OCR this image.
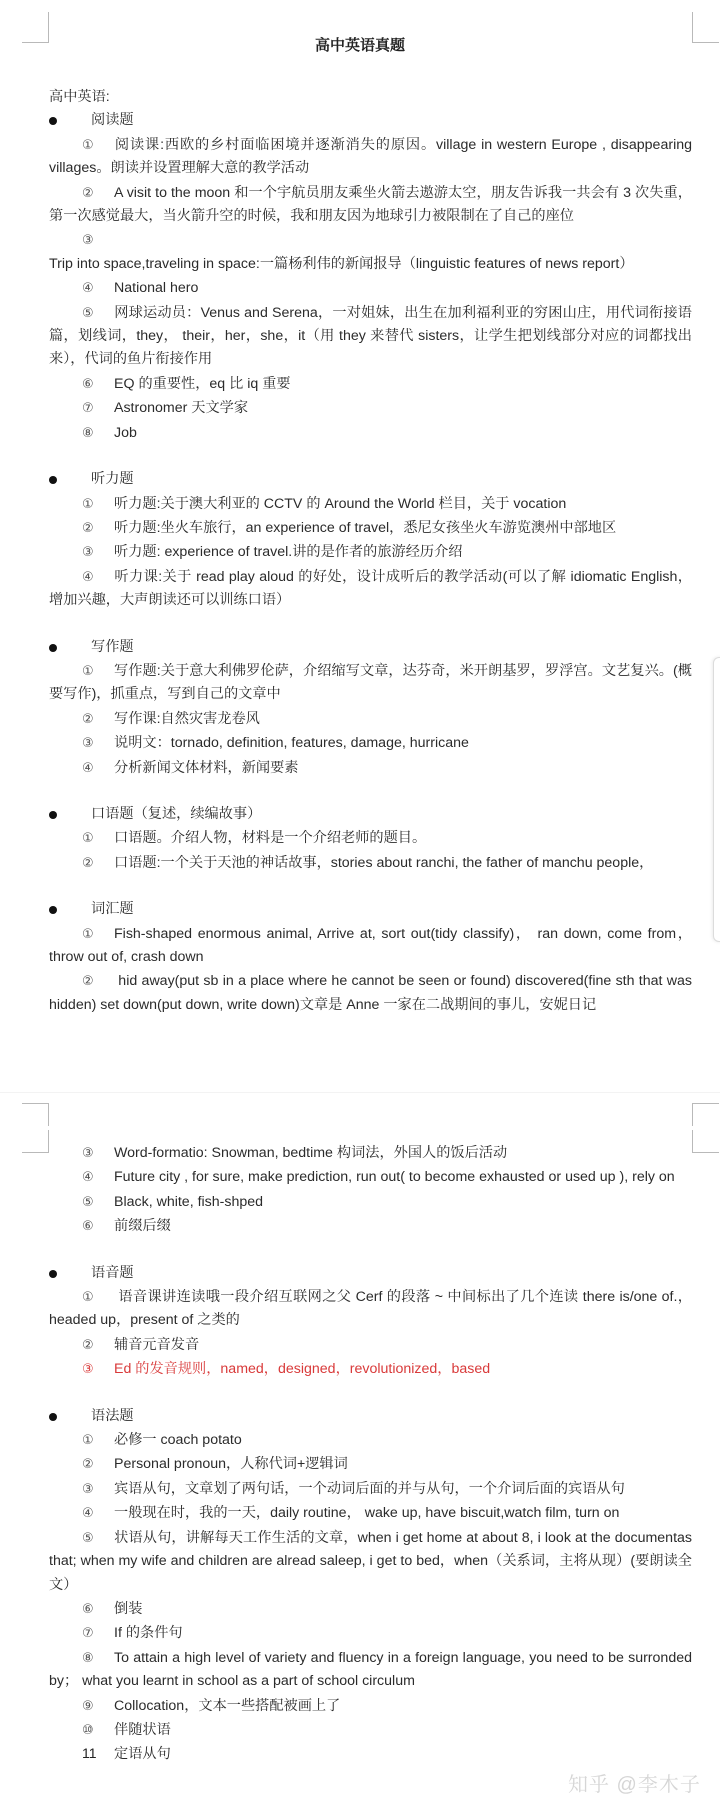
高中英语真题

高中英语:

阅读题

① 阅读课:西欧的乡村面临困境并逐渐消失的原因。village in western Europe , disappearing villages。朗读并设置理解大意的教学活动

② A visit to the moon 和一个宇航员朋友乘坐火箭去遨游太空，朋友告诉我一共会有 3 次失重，第一次感觉最大，当火箭升空的时候，我和朋友因为地球引力被限制在了自己的座位

③Trip into space,traveling in space:一篇杨利伟的新闻报导（linguistic features of news report）

④ National hero

⑤ 网球运动员：Venus and Serena，一对姐妹，出生在加利福利亚的穷困山庄，用代词衔接语篇，划线词，they， their，her，she，it（用 they 来替代 sisters，让学生把划线部分对应的词都找出来），代词的鱼片衔接作用

⑥ EQ 的重要性，eq 比 iq 重要

⑦ Astronomer 天文学家

⑧ Job

听力题

① 听力题:关于澳大利亚的 CCTV 的 Around the World 栏目，关于 vocation

② 听力题:坐火车旅行，an experience of travel，悉尼女孩坐火车游览澳州中部地区

③ 听力题: experience of travel.讲的是作者的旅游经历介绍

④ 听力课:关于 read play aloud 的好处，设计成听后的教学活动(可以了解 idiomatic English，增加兴趣，大声朗读还可以训练口语）

写作题

① 写作题:关于意大利佛罗伦萨，介绍缩写文章，达芬奇，米开朗基罗，罗浮宫。文艺复兴。(概要写作)，抓重点，写到自己的文章中

② 写作课:自然灾害龙卷风

③ 说明文：tornado, definition, features, damage, hurricane

④ 分析新闻文体材料，新闻要素

口语题（复述，续编故事）

① 口语题。介绍人物，材料是一个介绍老师的题目。

② 口语题:一个关于天池的神话故事，stories about ranchi, the father of manchu people，

词汇题

① Fish-shaped enormous animal, Arrive at, sort out(tidy classify)， ran down, come from， throw out of, crash down

② hid away(put sb in a place where he cannot be seen or found) discovered(fine sth that was hidden) set down(put down, write down)文章是 Anne 一家在二战期间的事儿，安妮日记

③ Word-formatio: Snowman, bedtime 构词法，外国人的饭后活动

④ Future city , for sure, make prediction, run out( to become exhausted or used up ), rely on

⑤ Black, white, fish-shped

⑥ 前缀后缀

语音题

① 语音课讲连读哦一段介绍互联网之父 Cerf 的段落 ~ 中间标出了几个连读 there is/one of.，headed up，present of 之类的

② 辅音元音发音

③ Ed 的发音规则，named，designed，revolutionized，based

语法题

① 必修一 coach potato

② Personal pronoun，人称代词+逻辑词

③ 宾语从句，文章划了两句话，一个动词后面的并与从句，一个介词后面的宾语从句

④ 一般现在时，我的一天，daily routine， wake up, have biscuit,watch film, turn on

⑤ 状语从句，讲解每天工作生活的文章，when i get home at about 8, i look at the documentas that; when my wife and children are alread saleep, i get to bed，when（关系词，主将从现）(要朗读全文）

⑥ 倒装

⑦ If 的条件句

⑧ To attain a high level of variety and fluency in a foreign language, you need to be surronded by； what you learnt in school as a part of school circulum

⑨ Collocation，文本一些搭配被画上了

⑩ 伴随状语

11 定语从句

知乎 @李木子
